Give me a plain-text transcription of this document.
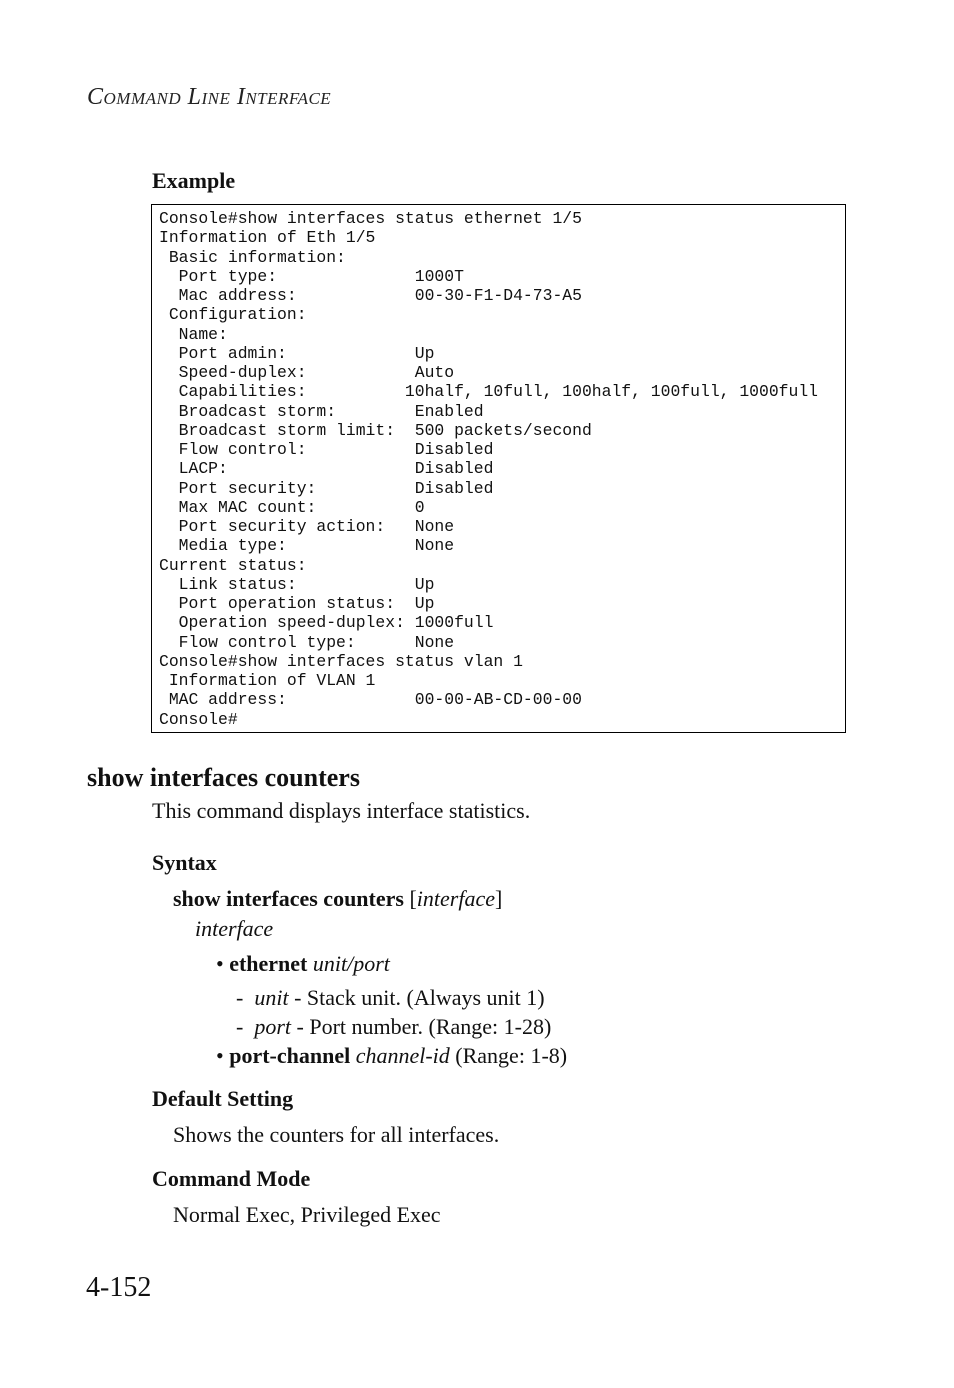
Command Line Interface
Example
Console#show interfaces status ethernet 1/5
Information of Eth 1/5
Basic information:
Port type:              1000T
Mac address:            00-30-F1-D4-73-A5
Configuration:
Name:
Port admin:             Up
Speed-duplex:           Auto
Capabilities:          10half, 10full, 100half, 100full, 1000full
Broadcast storm:        Enabled
Broadcast storm limit:  500 packets/second
Flow control:           Disabled
LACP:                   Disabled
Port security:          Disabled
Max MAC count:          0
Port security action:   None
Media type:             None
Current status:
Link status:            Up
Port operation status:  Up
Operation speed-duplex: 1000full
Flow control type:      None
Console#show interfaces status vlan 1
Information of VLAN 1
MAC address:             00-00-AB-CD-00-00
Console#
show interfaces counters
This command displays interface statistics.
Syntax
show interfaces counters [interface]
interface
• ethernet unit/port
-  unit - Stack unit. (Always unit 1)
-  port - Port number. (Range: 1-28)
• port-channel channel-id (Range: 1-8)
Default Setting
Shows the counters for all interfaces.
Command Mode
Normal Exec, Privileged Exec
4-152
